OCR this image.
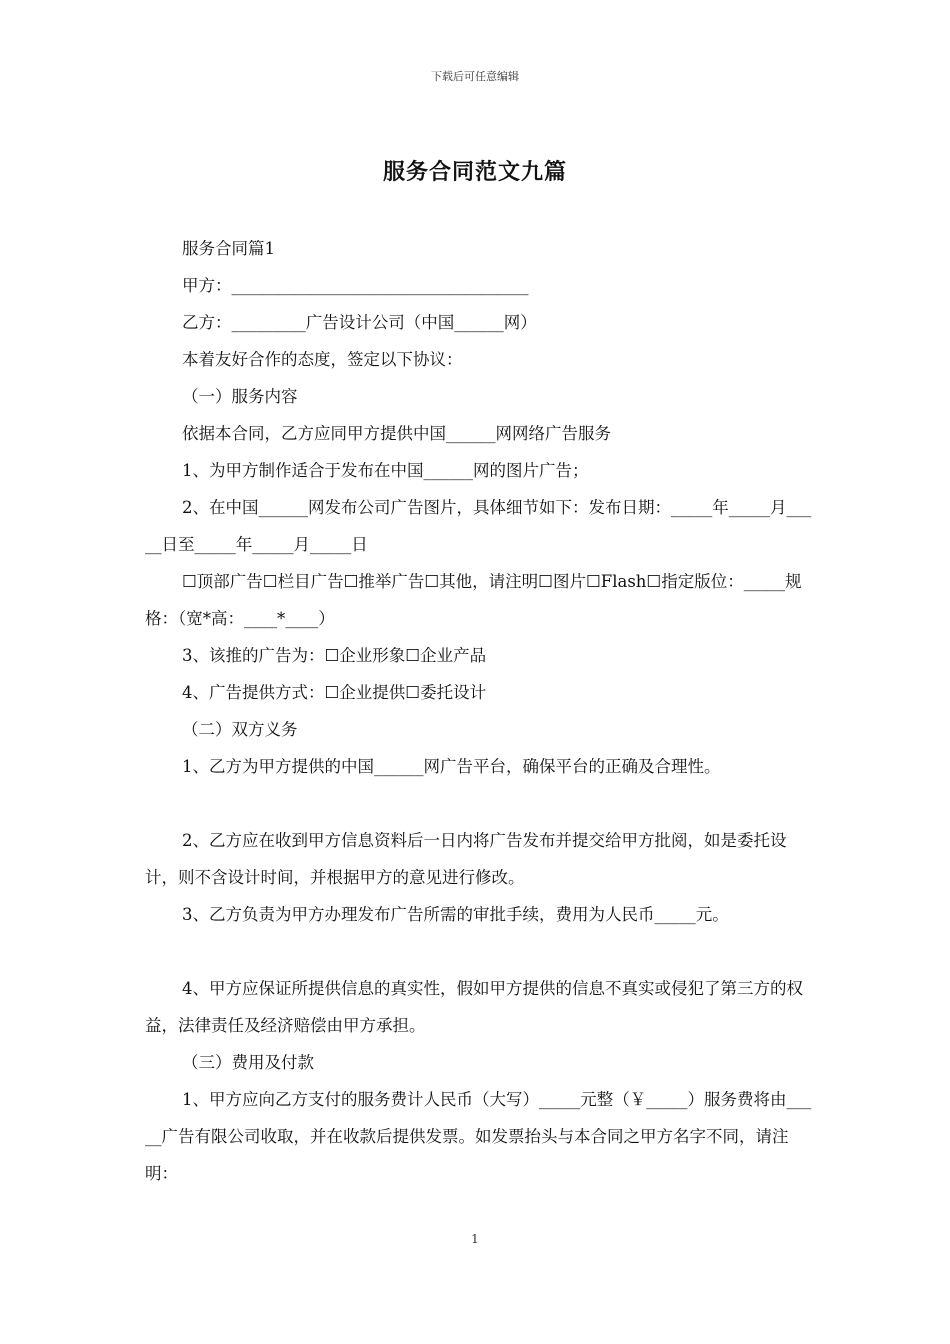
下载后可任意编辑
服务合同范文九篇

服务合同篇1

甲方：____________________________________

乙方：_________广告设计公司（中国______网）

本着友好合作的态度，签定以下协议：

（一）服务内容

依据本合同，乙方应同甲方提供中国______网网络广告服务

1、为甲方制作适合于发布在中国______网的图片广告；

2、在中国______网发布公司广告图片，具体细节如下：发布日期：_____年_____月_____日至_____年_____月_____日

☐顶部广告☐栏目广告☐推举广告☐其他，请注明☐图片☐Flash☐指定版位：_____规格：（宽*高：____*____）

3、该推的广告为：☐企业形象☐企业产品

4、广告提供方式：☐企业提供☐委托设计

（二）双方义务

1、乙方为甲方提供的中国______网广告平台，确保平台的正确及合理性。

2、乙方应在收到甲方信息资料后一日内将广告发布并提交给甲方批阅，如是委托设计，则不含设计时间，并根据甲方的意见进行修改。

3、乙方负责为甲方办理发布广告所需的审批手续，费用为人民币_____元。

4、甲方应保证所提供信息的真实性，假如甲方提供的信息不真实或侵犯了第三方的权益，法律责任及经济赔偿由甲方承担。

（三）费用及付款

1、甲方应向乙方支付的服务费计人民币（大写）_____元整（￥_____）服务费将由_____广告有限公司收取，并在收款后提供发票。如发票抬头与本合同之甲方名字不同，请注明：

1
